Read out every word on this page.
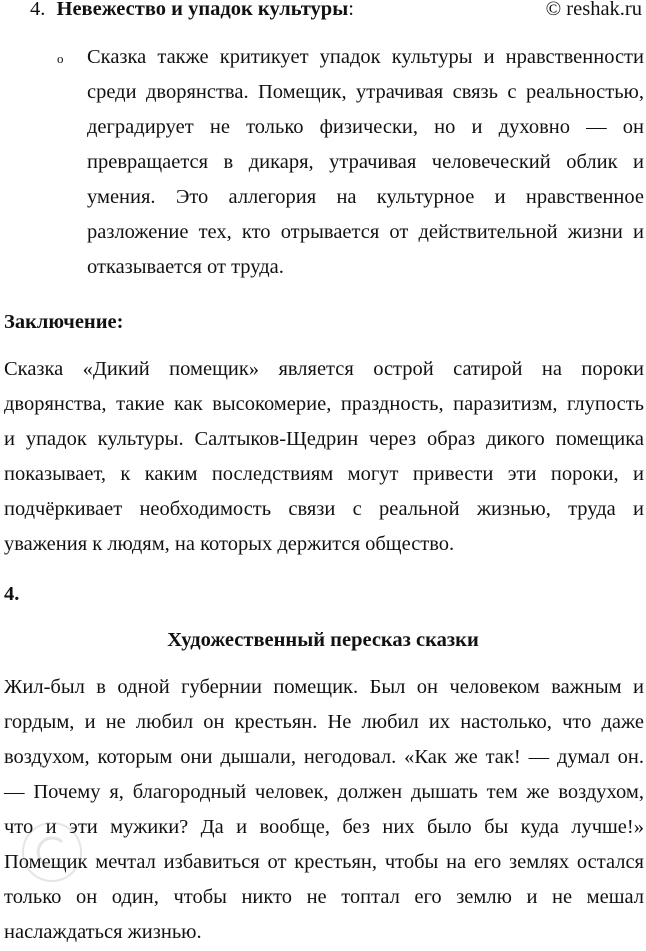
4. Невежество и упадок культуры:	© reshak.ru
o Сказка также критикует упадок культуры и нравственности
среди дворянства. Помещик, утрачивая связь с реальностью,
деградирует не только физически, но и духовно — он
превращается в дикаря, утрачивая человеческий облик и
умения. Это аллегория на культурное и нравственное
разложение тех, кто отрывается от действительной жизни и
отказывается от труда.
Заключение:
Сказка «Дикий помещик» является острой сатирой на пороки
дворянства, такие как высокомерие, праздность, паразитизм, глупость
и упадок культуры. Салтыков-Щедрин через образ дикого помещика
показывает, к каким последствиям могут привести эти пороки, и
подчёркивает необходимость связи с реальной жизнью, труда и
уважения к людям, на которых держится общество.
4.
Художественный пересказ сказки
Жил-был в одной губернии помещик. Был он человеком важным и
гордым, и не любил он крестьян. Не любил их настолько, что даже
воздухом, которым они дышали, негодовал. «Как же так! — думал он.
— Почему я, благородный человек, должен дышать тем же воздухом,
что и эти мужики? Да и вообще, без них было бы куда лучше!»
Помещик мечтал избавиться от крестьян, чтобы на его землях остался
только он один, чтобы никто не топтал его землю и не мешал
наслаждаться жизнью.
